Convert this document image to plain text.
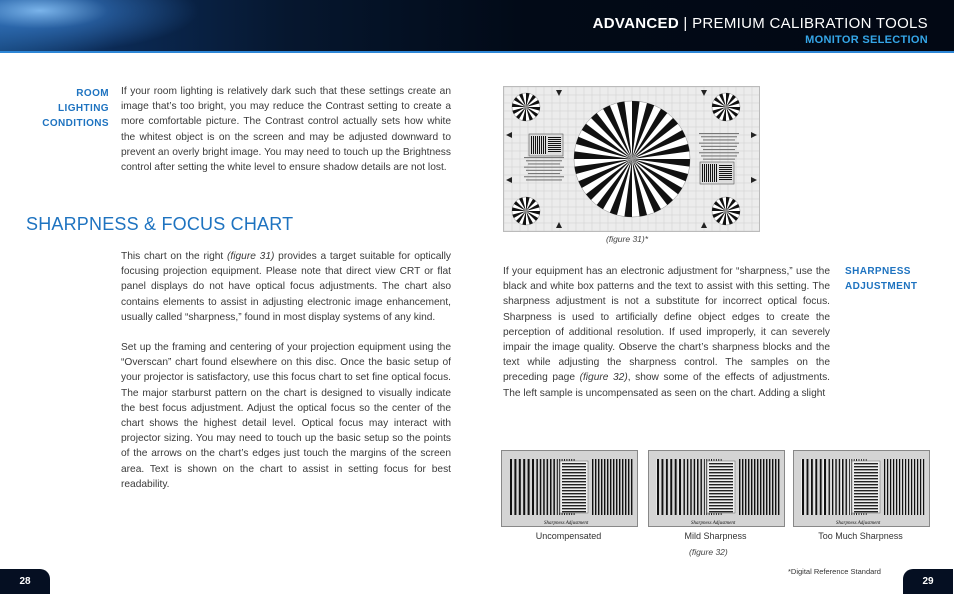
ADVANCED | PREMIUM CALIBRATION TOOLS
MONITOR SELECTION
ROOM
LIGHTING
CONDITIONS

If your room lighting is relatively dark such that these settings create an image that’s too bright, you may reduce the Contrast setting to create a more comfortable picture. The Contrast control actually sets how white the whitest object is on the screen and may be adjusted downward to prevent an overly bright image. You may need to touch up the Brightness control after setting the white level to ensure shadow details are not lost.

SHARPNESS & FOCUS CHART

This chart on the right (figure 31) provides a target suitable for optically focusing projection equipment. Please note that direct view CRT or flat panel displays do not have optical focus adjustments. The chart also contains elements to assist in adjusting electronic image enhancement, usually called “sharpness,” found in most display systems of any kind.

Set up the framing and centering of your projection equipment using the “Overscan” chart found elsewhere on this disc. Once the basic setup of your projector is satisfactory, use this focus chart to set fine optical focus. The major starburst pattern on the chart is designed to visually indicate the best focus adjustment. Adjust the optical focus so the center of the chart shows the highest detail level. Optical focus may interact with projector sizing. You may need to touch up the basic setup so the points of the arrows on the chart’s edges just touch the margins of the screen area. Text is shown on the chart to assist in setting focus for best readability.

28
(figure 31)*

If your equipment has an electronic adjustment for “sharpness,” use the black and white box patterns and the text to assist with this setting. The sharpness adjustment is not a substitute for incorrect optical focus. Sharpness is used to artificially define object edges to create the perception of additional resolution. If used improperly, it can severely impair the image quality. Observe the chart’s sharpness blocks and the text while adjusting the sharpness control. The samples on the preceding page (figure 32), show some of the effects of adjustments. The left sample is uncompensated as seen on the chart. Adding a slight

SHARPNESS
ADJUSTMENT
Sharpness Adjustment	Sharpness Adjustment	Sharpness Adjustment
Uncompensated	Mild Sharpness	Too Much Sharpness
(figure 32)
*Digital Reference Standard
29
